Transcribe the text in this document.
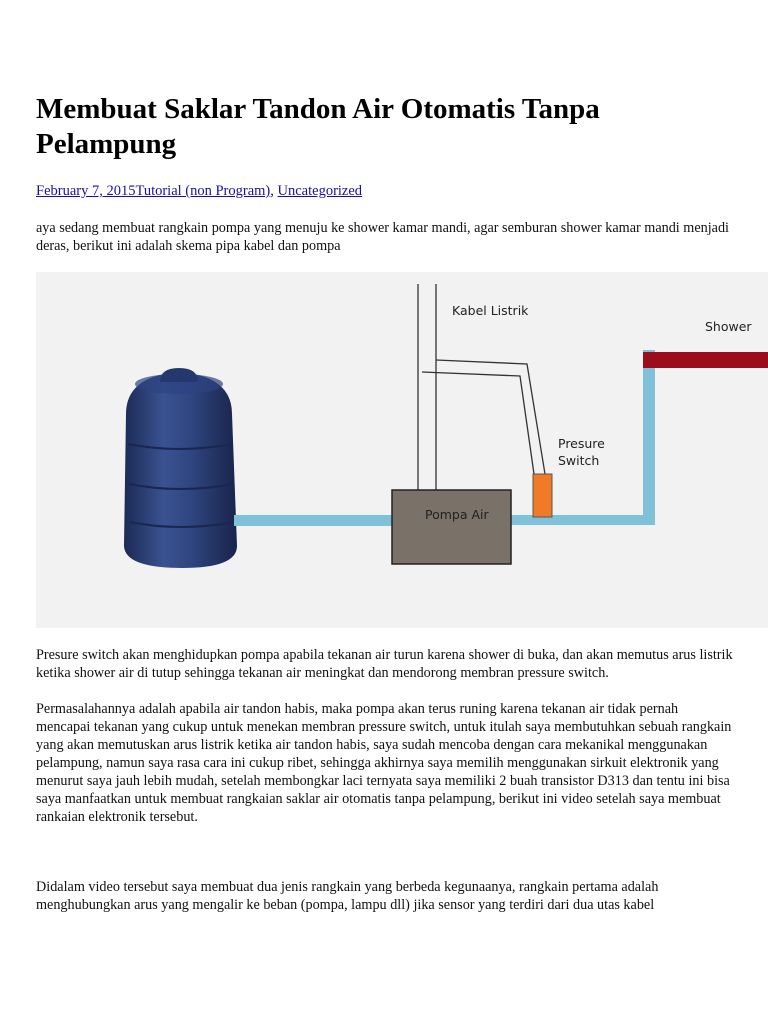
Membuat Saklar Tandon Air Otomatis Tanpa Pelampung

February 7, 2015Tutorial (non Program), Uncategorized

aya sedang membuat rangkain pompa yang menuju ke shower kamar mandi, agar semburan shower kamar mandi menjadi deras, berikut ini adalah skema pipa kabel dan pompa

Kabel Listrik
Shower
Presure
Switch
Pompa Air

Presure switch akan menghidupkan pompa apabila tekanan air turun karena shower di buka, dan akan memutus arus listrik ketika shower air di tutup sehingga tekanan air meningkat dan mendorong membran pressure switch.

Permasalahannya adalah apabila air tandon habis, maka pompa akan terus runing karena tekanan air tidak pernah mencapai tekanan yang cukup untuk menekan membran pressure switch, untuk itulah saya membutuhkan sebuah rangkain yang akan memutuskan arus listrik ketika air tandon habis, saya sudah mencoba dengan cara mekanikal menggunakan pelampung, namun saya rasa cara ini cukup ribet, sehingga akhirnya saya memilih menggunakan sirkuit elektronik yang menurut saya jauh lebih mudah, setelah membongkar laci ternyata saya memiliki 2 buah transistor D313 dan tentu ini bisa saya manfaatkan untuk membuat rangkaian saklar air otomatis tanpa pelampung, berikut ini video setelah saya membuat rankaian elektronik tersebut.

Didalam video tersebut saya membuat dua jenis rangkain yang berbeda kegunaanya, rangkain pertama adalah menghubungkan arus yang mengalir ke beban (pompa, lampu dll) jika sensor yang terdiri dari dua utas kabel
